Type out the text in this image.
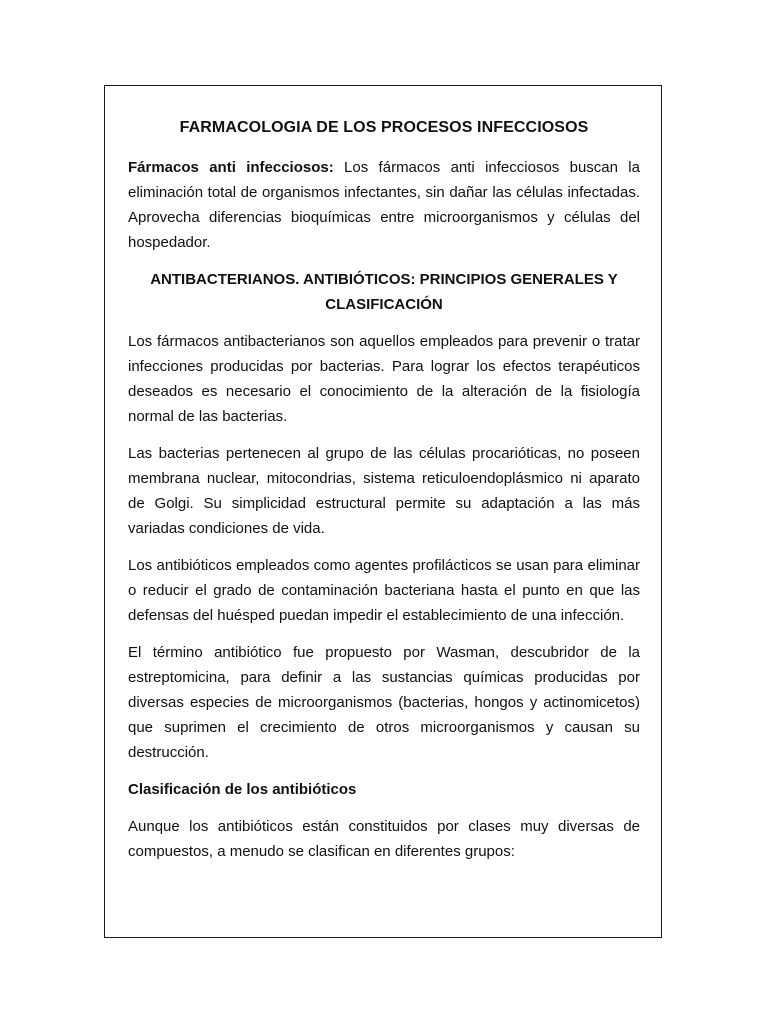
FARMACOLOGIA DE LOS PROCESOS INFECCIOSOS

Fármacos anti infecciosos: Los fármacos anti infecciosos buscan la eliminación total de organismos infectantes, sin dañar las células infectadas. Aprovecha diferencias bioquímicas entre microorganismos y células del hospedador.

ANTIBACTERIANOS. ANTIBIÓTICOS: PRINCIPIOS GENERALES Y CLASIFICACIÓN

Los fármacos antibacterianos son aquellos empleados para prevenir o tratar infecciones producidas por bacterias. Para lograr los efectos terapéuticos deseados es necesario el conocimiento de la alteración de la fisiología normal de las bacterias.

Las bacterias pertenecen al grupo de las células procarióticas, no poseen membrana nuclear, mitocondrias, sistema reticuloendoplásmico ni aparato de Golgi. Su simplicidad estructural permite su adaptación a las más variadas condiciones de vida.

Los antibióticos empleados como agentes profilácticos se usan para eliminar o reducir el grado de contaminación bacteriana hasta el punto en que las defensas del huésped puedan impedir el establecimiento de una infección.

El término antibiótico fue propuesto por Wasman, descubridor de la estreptomicina, para definir a las sustancias químicas producidas por diversas especies de microorganismos (bacterias, hongos y actinomicetos) que suprimen el crecimiento de otros microorganismos y causan su destrucción.

Clasificación de los antibióticos

Aunque los antibióticos están constituidos por clases muy diversas de compuestos, a menudo se clasifican en diferentes grupos:
